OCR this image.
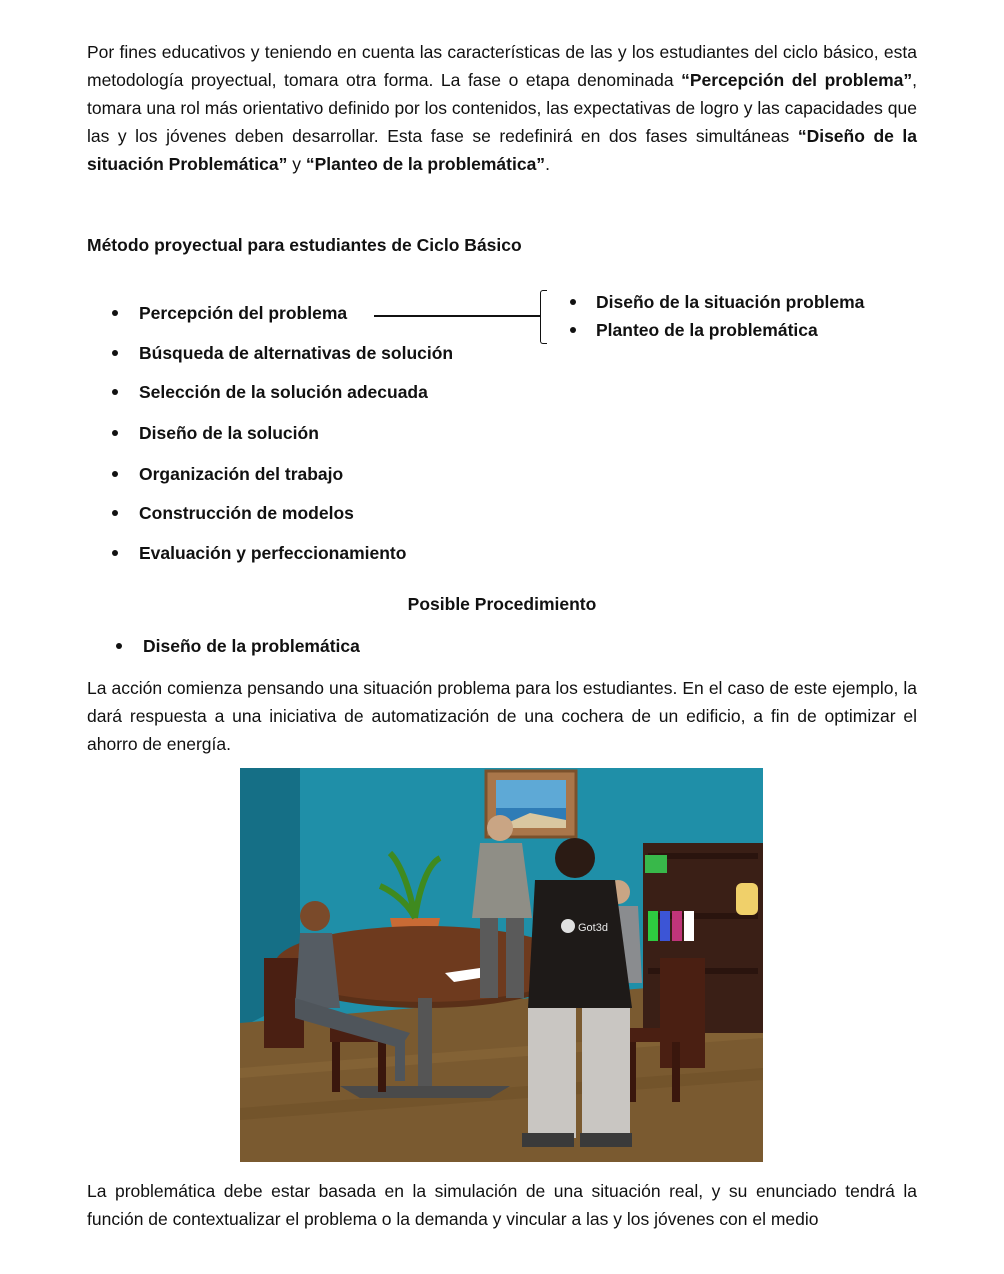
Por fines educativos y teniendo en cuenta las características de las y los estudiantes del ciclo básico, esta metodología proyectual, tomara otra forma. La fase o etapa denominada “Percepción del problema”, tomara una rol más orientativo definido por los contenidos, las expectativas de logro y las capacidades que las y los jóvenes deben desarrollar. Esta fase se redefinirá en dos fases simultáneas “Diseño de la situación Problemática” y “Planteo de la problemática”.

Método proyectual para estudiantes de Ciclo Básico
Percepción del problema
Búsqueda de alternativas de solución
Selección de la solución adecuada
Diseño de la solución
Organización del trabajo
Construcción de modelos
Evaluación y perfeccionamiento
Diseño de la situación problema
Planteo de la problemática
Posible Procedimiento
Diseño de la problemática

La acción comienza pensando una situación problema para los estudiantes. En el caso de este ejemplo, la dará respuesta a una iniciativa de automatización de una cochera de un edificio, a fin de optimizar el ahorro de energía.

Got3d

La problemática debe estar basada en la simulación de una situación real, y su enunciado tendrá la función de contextualizar el problema o la demanda y vincular a las y los jóvenes con el medio
